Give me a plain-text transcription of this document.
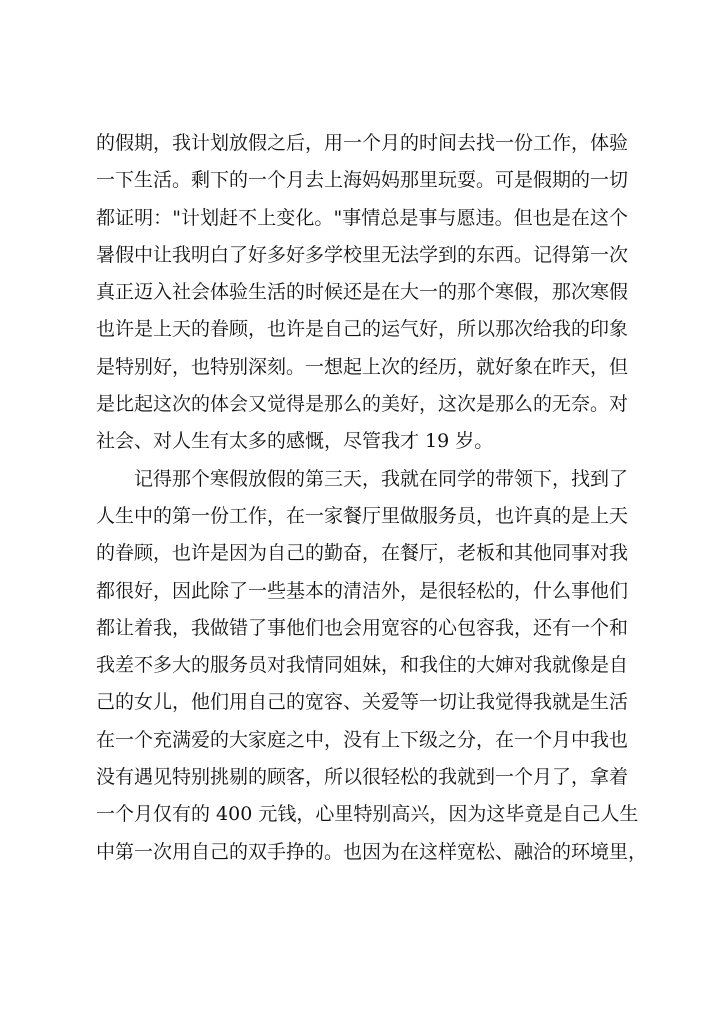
的假期，我计划放假之后，用一个月的时间去找一份工作，体验
一下生活。剩下的一个月去上海妈妈那里玩耍。可是假期的一切
都证明："计划赶不上变化。"事情总是事与愿违。但也是在这个
暑假中让我明白了好多好多学校里无法学到的东西。记得第一次
真正迈入社会体验生活的时候还是在大一的那个寒假，那次寒假
也许是上天的眷顾，也许是自己的运气好，所以那次给我的印象
是特别好，也特别深刻。一想起上次的经历，就好象在昨天，但
是比起这次的体会又觉得是那么的美好，这次是那么的无奈。对
社会、对人生有太多的感慨，尽管我才 19 岁。
记得那个寒假放假的第三天，我就在同学的带领下，找到了
人生中的第一份工作，在一家餐厅里做服务员，也许真的是上天
的眷顾，也许是因为自己的勤奋，在餐厅，老板和其他同事对我
都很好，因此除了一些基本的清洁外，是很轻松的，什么事他们
都让着我，我做错了事他们也会用宽容的心包容我，还有一个和
我差不多大的服务员对我情同姐妹，和我住的大婶对我就像是自
己的女儿，他们用自己的宽容、关爱等一切让我觉得我就是生活
在一个充满爱的大家庭之中，没有上下级之分，在一个月中我也
没有遇见特别挑剔的顾客，所以很轻松的我就到一个月了，拿着
一个月仅有的 400 元钱，心里特别高兴，因为这毕竟是自己人生
中第一次用自己的双手挣的。也因为在这样宽松、融洽的环境里，
